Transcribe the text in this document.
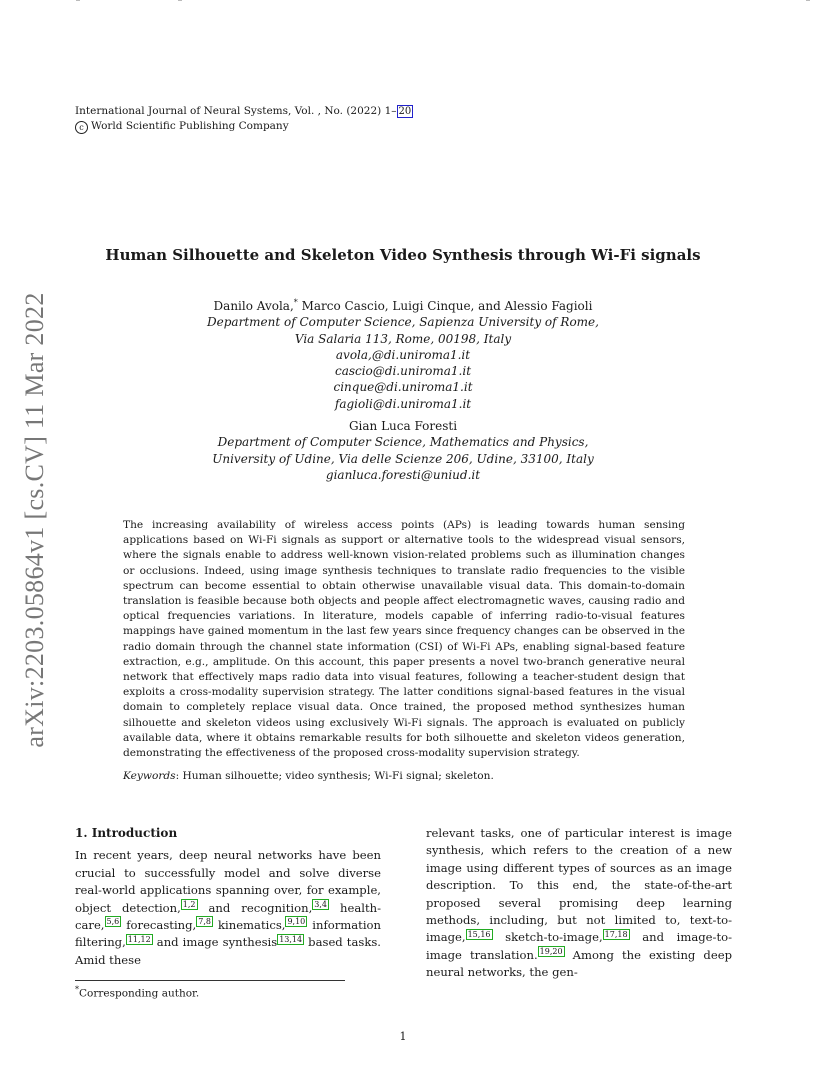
International Journal of Neural Systems, Vol. , No. (2022) 1– 20
c World Scientific Publishing Company
arXiv:2203.05864v1 [cs.CV] 11 Mar 2022
Human Silhouette and Skeleton Video Synthesis through Wi-Fi signals
Danilo Avola,* Marco Cascio, Luigi Cinque, and Alessio Fagioli
Department of Computer Science, Sapienza University of Rome,
Via Salaria 113, Rome, 00198, Italy
avola,@di.uniroma1.it
cascio@di.uniroma1.it
cinque@di.uniroma1.it
fagioli@di.uniroma1.it
Gian Luca Foresti
Department of Computer Science, Mathematics and Physics,
University of Udine, Via delle Scienze 206, Udine, 33100, Italy
gianluca.foresti@uniud.it
The increasing availability of wireless access points (APs) is leading towards human sensing applications based on Wi-Fi signals as support or alternative tools to the widespread visual sensors, where the signals enable to address well-known vision-related problems such as illumination changes or occlusions. Indeed, using image synthesis techniques to translate radio frequencies to the visible spectrum can become essential to obtain otherwise unavailable visual data. This domain-to-domain translation is feasible because both objects and people affect electromagnetic waves, causing radio and optical frequencies variations. In literature, models capable of inferring radio-to-visual features mappings have gained momentum in the last few years since frequency changes can be observed in the radio domain through the channel state information (CSI) of Wi-Fi APs, enabling signal-based feature extraction, e.g., amplitude. On this account, this paper presents a novel two-branch generative neural network that effectively maps radio data into visual features, following a teacher-student design that exploits a cross-modality supervision strategy. The latter conditions signal-based features in the visual domain to completely replace visual data. Once trained, the proposed method synthesizes human silhouette and skeleton videos using exclusively Wi-Fi signals. The approach is evaluated on publicly available data, where it obtains remarkable results for both silhouette and skeleton videos generation, demonstrating the effectiveness of the proposed cross-modality supervision strategy.
Keywords: Human silhouette; video synthesis; Wi-Fi signal; skeleton.
1. Introduction
In recent years, deep neural networks have been crucial to successfully model and solve diverse real-world applications spanning over, for example, object detection, $^{1,2}$ and recognition, $^{3,4}$ health-care, $^{5,6}$ forecasting, $^{7,8}$ kinematics, $^{9,10}$ information filtering, $^{11,12}$ and image synthesis $^{13,14}$ based tasks. Amid these
relevant tasks, one of particular interest is image synthesis, which refers to the creation of a new image using different types of sources as an image description. To this end, the state-of-the-art proposed several promising deep learning methods, including, but not limited to, text-to-image, $^{15,16}$ sketch-to-image, $^{17,18}$ and image-to-image translation. $^{19,20}$ Among the existing deep neural networks, the gen-
*Corresponding author.
1
